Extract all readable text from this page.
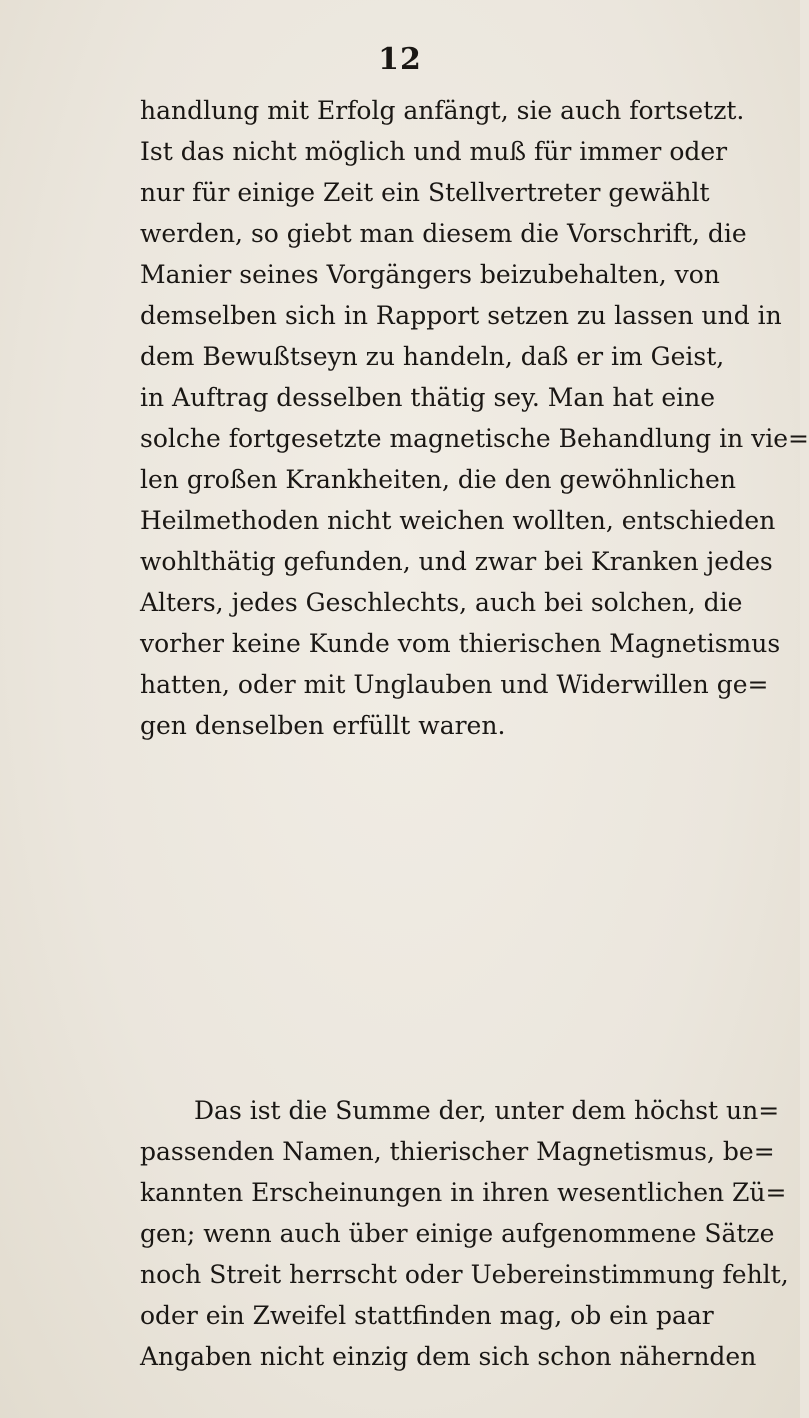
12

handlung mit Erfolg anfängt, sie auch fortsetzt.
Ist das nicht möglich und muß für immer oder
nur für einige Zeit ein Stellvertreter gewählt
werden, so giebt man diesem die Vorschrift, die
Manier seines Vorgängers beizubehalten, von
demselben sich in Rapport setzen zu lassen und in
dem Bewußtseyn zu handeln, daß er im Geist,
in Auftrag desselben thätig sey. Man hat eine
solche fortgesetzte magnetische Behandlung in vie=
len großen Krankheiten, die den gewöhnlichen
Heilmethoden nicht weichen wollten, entschieden
wohlthätig gefunden, und zwar bei Kranken jedes
Alters, jedes Geschlechts, auch bei solchen, die
vorher keine Kunde vom thierischen Magnetismus
hatten, oder mit Unglauben und Widerwillen ge=
gen denselben erfüllt waren.

Das ist die Summe der, unter dem höchst un=
passenden Namen, thierischer Magnetismus, be=
kannten Erscheinungen in ihren wesentlichen Zü=
gen; wenn auch über einige aufgenommene Sätze
noch Streit herrscht oder Uebereinstimmung fehlt,
oder ein Zweifel stattfinden mag, ob ein paar
Angaben nicht einzig dem sich schon nähernden
